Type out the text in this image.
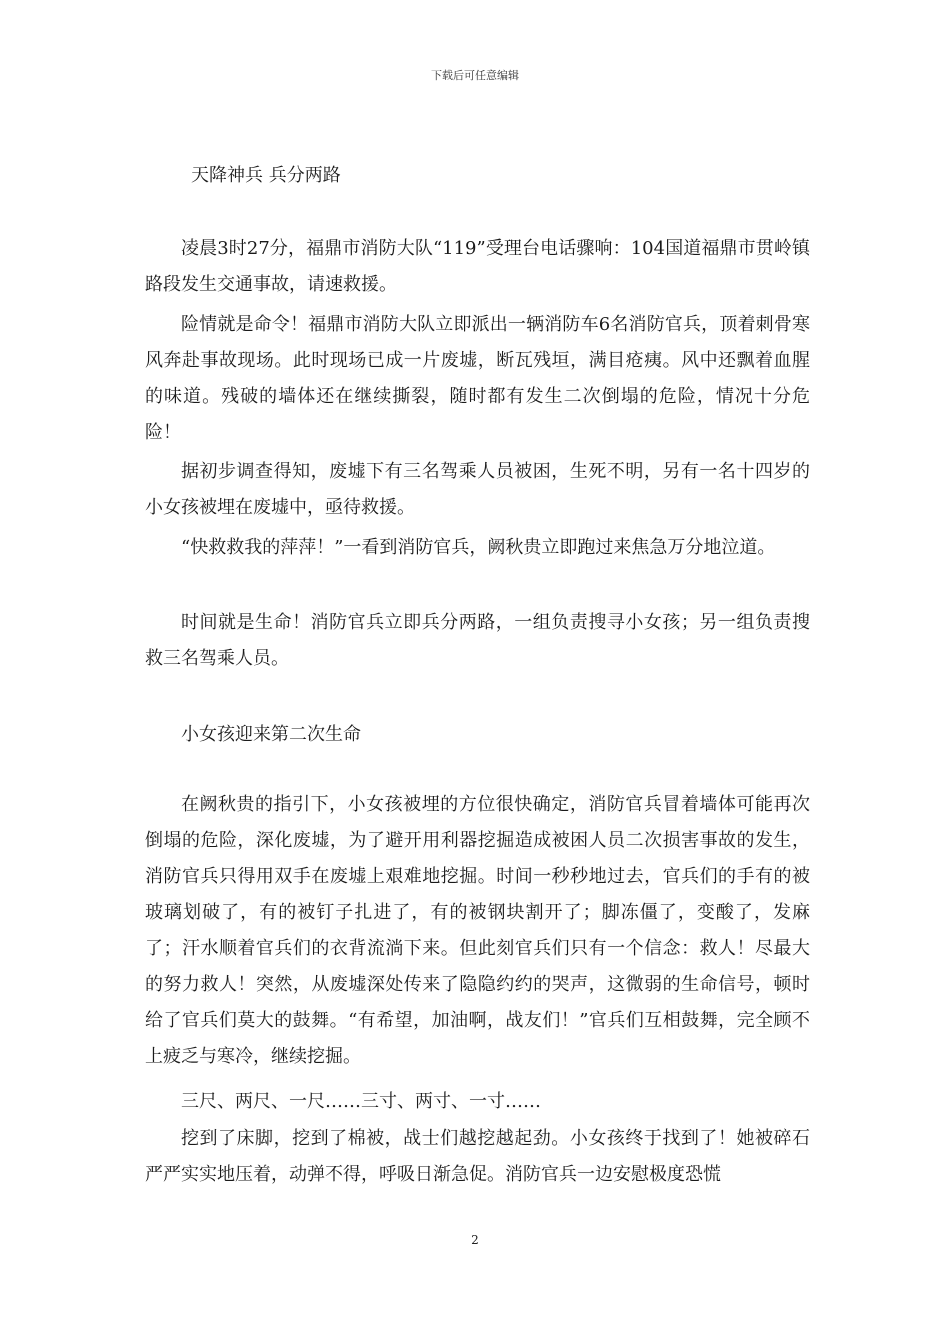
下载后可任意编辑
天降神兵 兵分两路

凌晨3时27分，福鼎市消防大队“119”受理台电话骤响：104国道福鼎市贯岭镇路段发生交通事故，请速救援。

险情就是命令！福鼎市消防大队立即派出一辆消防车6名消防官兵，顶着刺骨寒风奔赴事故现场。此时现场已成一片废墟，断瓦残垣，满目疮痍。风中还飘着血腥的味道。残破的墙体还在继续撕裂，随时都有发生二次倒塌的危险，情况十分危险！

据初步调查得知，废墟下有三名驾乘人员被困，生死不明，另有一名十四岁的小女孩被埋在废墟中，亟待救援。

“快救救我的萍萍！”一看到消防官兵，阙秋贵立即跑过来焦急万分地泣道。

时间就是生命！消防官兵立即兵分两路，一组负责搜寻小女孩；另一组负责搜救三名驾乘人员。

小女孩迎来第二次生命

在阙秋贵的指引下，小女孩被埋的方位很快确定，消防官兵冒着墙体可能再次倒塌的危险，深化废墟，为了避开用利器挖掘造成被困人员二次损害事故的发生，消防官兵只得用双手在废墟上艰难地挖掘。时间一秒秒地过去，官兵们的手有的被玻璃划破了，有的被钉子扎进了，有的被钢块割开了；脚冻僵了，变酸了，发麻了；汗水顺着官兵们的衣背流淌下来。但此刻官兵们只有一个信念：救人！尽最大的努力救人！突然，从废墟深处传来了隐隐约约的哭声，这微弱的生命信号，顿时给了官兵们莫大的鼓舞。“有希望，加油啊，战友们！”官兵们互相鼓舞，完全顾不上疲乏与寒冷，继续挖掘。

三尺、两尺、一尺……三寸、两寸、一寸……

挖到了床脚，挖到了棉被，战士们越挖越起劲。小女孩终于找到了！她被碎石严严实实地压着，动弹不得，呼吸日渐急促。消防官兵一边安慰极度恐慌

2
